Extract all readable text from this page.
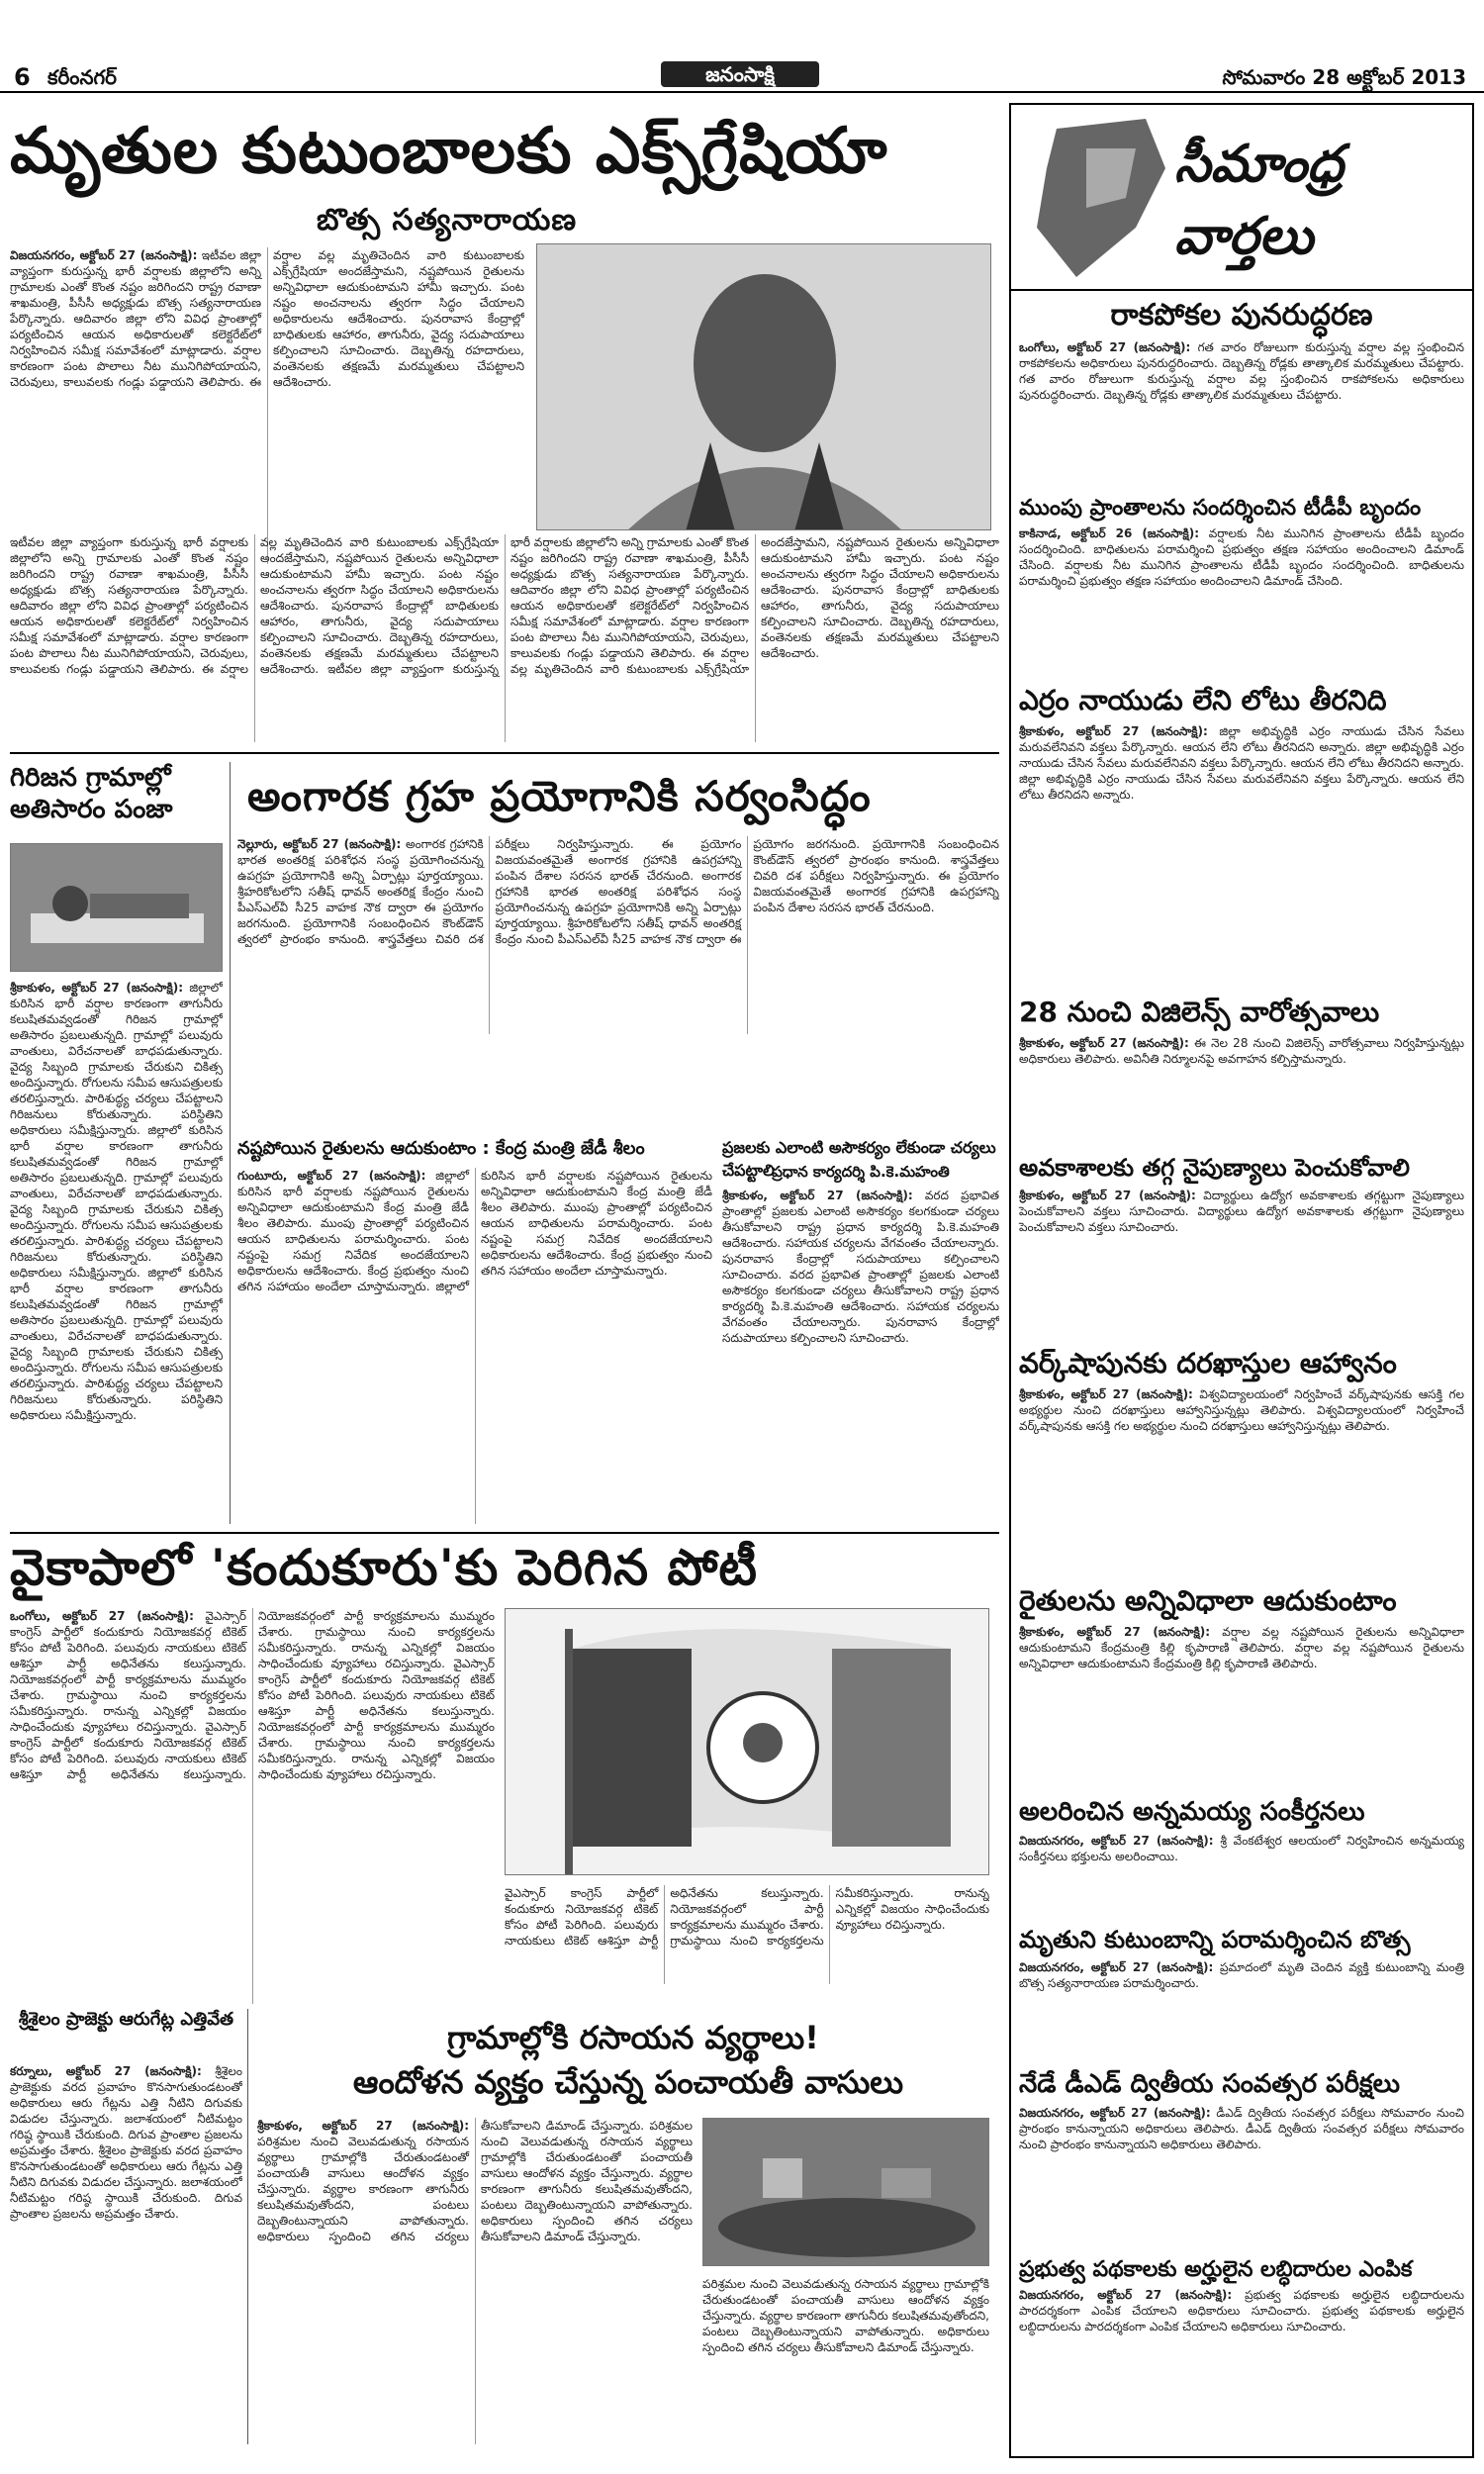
6 కరీంనగర్	జనంసాక్షి	సోమవారం 28 అక్టోబర్ 2013
మృతుల కుటుంబాలకు ఎక్స్‌గ్రేషియా
బొత్స సత్యనారాయణ
విజయనగరం, అక్టోబర్ 27 (జనంసాక్షి): ఇటీవల జిల్లా వ్యాప్తంగా కురుస్తున్న భారీ వర్షాలకు జిల్లాలోని అన్ని గ్రామాలకు ఎంతో కొంత నష్టం జరిగిందని రాష్ట్ర రవాణా శాఖమంత్రి, పీసీసీ అధ్యక్షుడు బొత్స సత్యనారాయణ పేర్కొన్నారు. ఆదివారం జిల్లా లోని వివిధ ప్రాంతాల్లో పర్యటించిన ఆయన అధికారులతో కలెక్టరేట్‌లో నిర్వహించిన సమీక్ష సమావేశంలో మాట్లాడారు. వర్షాల కారణంగా పంట పొలాలు నీట మునిగిపోయాయని, చెరువులు, కాలువలకు గండ్లు పడ్డాయని తెలిపారు. ఈ వర్షాల వల్ల మృతిచెందిన వారి కుటుంబాలకు ఎక్స్‌గ్రేషియా అందజేస్తామని, నష్టపోయిన రైతులను అన్నివిధాలా ఆదుకుంటామని హామీ ఇచ్చారు. పంట నష్టం అంచనాలను త్వరగా సిద్ధం చేయాలని అధికారులను ఆదేశించారు. పునరావాస కేంద్రాల్లో బాధితులకు ఆహారం, తాగునీరు, వైద్య సదుపాయాలు కల్పించాలని సూచించారు. దెబ్బతిన్న రహదారులు, వంతెనలకు తక్షణమే మరమ్మతులు చేపట్టాలని ఆదేశించారు.
ఇటీవల జిల్లా వ్యాప్తంగా కురుస్తున్న భారీ వర్షాలకు జిల్లాలోని అన్ని గ్రామాలకు ఎంతో కొంత నష్టం జరిగిందని రాష్ట్ర రవాణా శాఖమంత్రి, పీసీసీ అధ్యక్షుడు బొత్స సత్యనారాయణ పేర్కొన్నారు. ఆదివారం జిల్లా లోని వివిధ ప్రాంతాల్లో పర్యటించిన ఆయన అధికారులతో కలెక్టరేట్‌లో నిర్వహించిన సమీక్ష సమావేశంలో మాట్లాడారు. వర్షాల కారణంగా పంట పొలాలు నీట మునిగిపోయాయని, చెరువులు, కాలువలకు గండ్లు పడ్డాయని తెలిపారు. ఈ వర్షాల వల్ల మృతిచెందిన వారి కుటుంబాలకు ఎక్స్‌గ్రేషియా అందజేస్తామని, నష్టపోయిన రైతులను అన్నివిధాలా ఆదుకుంటామని హామీ ఇచ్చారు. పంట నష్టం అంచనాలను త్వరగా సిద్ధం చేయాలని అధికారులను ఆదేశించారు. పునరావాస కేంద్రాల్లో బాధితులకు ఆహారం, తాగునీరు, వైద్య సదుపాయాలు కల్పించాలని సూచించారు. దెబ్బతిన్న రహదారులు, వంతెనలకు తక్షణమే మరమ్మతులు చేపట్టాలని ఆదేశించారు. ఇటీవల జిల్లా వ్యాప్తంగా కురుస్తున్న భారీ వర్షాలకు జిల్లాలోని అన్ని గ్రామాలకు ఎంతో కొంత నష్టం జరిగిందని రాష్ట్ర రవాణా శాఖమంత్రి, పీసీసీ అధ్యక్షుడు బొత్స సత్యనారాయణ పేర్కొన్నారు. ఆదివారం జిల్లా లోని వివిధ ప్రాంతాల్లో పర్యటించిన ఆయన అధికారులతో కలెక్టరేట్‌లో నిర్వహించిన సమీక్ష సమావేశంలో మాట్లాడారు. వర్షాల కారణంగా పంట పొలాలు నీట మునిగిపోయాయని, చెరువులు, కాలువలకు గండ్లు పడ్డాయని తెలిపారు. ఈ వర్షాల వల్ల మృతిచెందిన వారి కుటుంబాలకు ఎక్స్‌గ్రేషియా అందజేస్తామని, నష్టపోయిన రైతులను అన్నివిధాలా ఆదుకుంటామని హామీ ఇచ్చారు. పంట నష్టం అంచనాలను త్వరగా సిద్ధం చేయాలని అధికారులను ఆదేశించారు. పునరావాస కేంద్రాల్లో బాధితులకు ఆహారం, తాగునీరు, వైద్య సదుపాయాలు కల్పించాలని సూచించారు. దెబ్బతిన్న రహదారులు, వంతెనలకు తక్షణమే మరమ్మతులు చేపట్టాలని ఆదేశించారు.
గిరిజన గ్రామాల్లో అతిసారం పంజా
శ్రీకాకుళం, అక్టోబర్ 27 (జనంసాక్షి): జిల్లాలో కురిసిన భారీ వర్షాల కారణంగా తాగునీరు కలుషితమవ్వడంతో గిరిజన గ్రామాల్లో అతిసారం ప్రబలుతున్నది. గ్రామాల్లో పలువురు వాంతులు, విరేచనాలతో బాధపడుతున్నారు. వైద్య సిబ్బంది గ్రామాలకు చేరుకుని చికిత్స అందిస్తున్నారు. రోగులను సమీప ఆసుపత్రులకు తరలిస్తున్నారు. పారిశుద్ధ్య చర్యలు చేపట్టాలని గిరిజనులు కోరుతున్నారు. పరిస్థితిని అధికారులు సమీక్షిస్తున్నారు. జిల్లాలో కురిసిన భారీ వర్షాల కారణంగా తాగునీరు కలుషితమవ్వడంతో గిరిజన గ్రామాల్లో అతిసారం ప్రబలుతున్నది. గ్రామాల్లో పలువురు వాంతులు, విరేచనాలతో బాధపడుతున్నారు. వైద్య సిబ్బంది గ్రామాలకు చేరుకుని చికిత్స అందిస్తున్నారు. రోగులను సమీప ఆసుపత్రులకు తరలిస్తున్నారు. పారిశుద్ధ్య చర్యలు చేపట్టాలని గిరిజనులు కోరుతున్నారు. పరిస్థితిని అధికారులు సమీక్షిస్తున్నారు. జిల్లాలో కురిసిన భారీ వర్షాల కారణంగా తాగునీరు కలుషితమవ్వడంతో గిరిజన గ్రామాల్లో అతిసారం ప్రబలుతున్నది. గ్రామాల్లో పలువురు వాంతులు, విరేచనాలతో బాధపడుతున్నారు. వైద్య సిబ్బంది గ్రామాలకు చేరుకుని చికిత్స అందిస్తున్నారు. రోగులను సమీప ఆసుపత్రులకు తరలిస్తున్నారు. పారిశుద్ధ్య చర్యలు చేపట్టాలని గిరిజనులు కోరుతున్నారు. పరిస్థితిని అధికారులు సమీక్షిస్తున్నారు.
అంగారక గ్రహ ప్రయోగానికి సర్వంసిద్ధం
నెల్లూరు, అక్టోబర్ 27 (జనంసాక్షి): అంగారక గ్రహానికి భారత అంతరిక్ష పరిశోధన సంస్థ ప్రయోగించనున్న ఉపగ్రహ ప్రయోగానికి అన్ని ఏర్పాట్లు పూర్తయ్యాయి. శ్రీహరికోటలోని సతీష్ ధావన్ అంతరిక్ష కేంద్రం నుంచి పీఎస్‌ఎల్‌వీ సీ25 వాహక నౌక ద్వారా ఈ ప్రయోగం జరగనుంది. ప్రయోగానికి సంబంధించిన కౌంట్‌డౌన్ త్వరలో ప్రారంభం కానుంది. శాస్త్రవేత్తలు చివరి దశ పరీక్షలు నిర్వహిస్తున్నారు. ఈ ప్రయోగం విజయవంతమైతే అంగారక గ్రహానికి ఉపగ్రహాన్ని పంపిన దేశాల సరసన భారత్ చేరనుంది. అంగారక గ్రహానికి భారత అంతరిక్ష పరిశోధన సంస్థ ప్రయోగించనున్న ఉపగ్రహ ప్రయోగానికి అన్ని ఏర్పాట్లు పూర్తయ్యాయి. శ్రీహరికోటలోని సతీష్ ధావన్ అంతరిక్ష కేంద్రం నుంచి పీఎస్‌ఎల్‌వీ సీ25 వాహక నౌక ద్వారా ఈ ప్రయోగం జరగనుంది. ప్రయోగానికి సంబంధించిన కౌంట్‌డౌన్ త్వరలో ప్రారంభం కానుంది. శాస్త్రవేత్తలు చివరి దశ పరీక్షలు నిర్వహిస్తున్నారు. ఈ ప్రయోగం విజయవంతమైతే అంగారక గ్రహానికి ఉపగ్రహాన్ని పంపిన దేశాల సరసన భారత్ చేరనుంది.
నష్టపోయిన రైతులను ఆదుకుంటాం : కేంద్ర మంత్రి జేడీ శీలం
గుంటూరు, అక్టోబర్ 27 (జనంసాక్షి): జిల్లాలో కురిసిన భారీ వర్షాలకు నష్టపోయిన రైతులను అన్నివిధాలా ఆదుకుంటామని కేంద్ర మంత్రి జేడీ శీలం తెలిపారు. ముంపు ప్రాంతాల్లో పర్యటించిన ఆయన బాధితులను పరామర్శించారు. పంట నష్టంపై సమగ్ర నివేదిక అందజేయాలని అధికారులను ఆదేశించారు. కేంద్ర ప్రభుత్వం నుంచి తగిన సహాయం అందేలా చూస్తామన్నారు. జిల్లాలో కురిసిన భారీ వర్షాలకు నష్టపోయిన రైతులను అన్నివిధాలా ఆదుకుంటామని కేంద్ర మంత్రి జేడీ శీలం తెలిపారు. ముంపు ప్రాంతాల్లో పర్యటించిన ఆయన బాధితులను పరామర్శించారు. పంట నష్టంపై సమగ్ర నివేదిక అందజేయాలని అధికారులను ఆదేశించారు. కేంద్ర ప్రభుత్వం నుంచి తగిన సహాయం అందేలా చూస్తామన్నారు.
ప్రజలకు ఎలాంటి అసౌకర్యం లేకుండా చర్యలు చేపట్టాలి
ప్రధాన కార్యదర్శి పి.కె.మహంతి
శ్రీకాకుళం, అక్టోబర్ 27 (జనంసాక్షి): వరద ప్రభావిత ప్రాంతాల్లో ప్రజలకు ఎలాంటి అసౌకర్యం కలగకుండా చర్యలు తీసుకోవాలని రాష్ట్ర ప్రధాన కార్యదర్శి పి.కె.మహంతి ఆదేశించారు. సహాయక చర్యలను వేగవంతం చేయాలన్నారు. పునరావాస కేంద్రాల్లో సదుపాయాలు కల్పించాలని సూచించారు. వరద ప్రభావిత ప్రాంతాల్లో ప్రజలకు ఎలాంటి అసౌకర్యం కలగకుండా చర్యలు తీసుకోవాలని రాష్ట్ర ప్రధాన కార్యదర్శి పి.కె.మహంతి ఆదేశించారు. సహాయక చర్యలను వేగవంతం చేయాలన్నారు. పునరావాస కేంద్రాల్లో సదుపాయాలు కల్పించాలని సూచించారు.
వైకాపాలో 'కందుకూరు'కు పెరిగిన పోటీ
ఒంగోలు, అక్టోబర్ 27 (జనంసాక్షి): వైఎస్సార్ కాంగ్రెస్ పార్టీలో కందుకూరు నియోజకవర్గ టికెట్ కోసం పోటీ పెరిగింది. పలువురు నాయకులు టికెట్ ఆశిస్తూ పార్టీ అధినేతను కలుస్తున్నారు. నియోజకవర్గంలో పార్టీ కార్యక్రమాలను ముమ్మరం చేశారు. గ్రామస్థాయి నుంచి కార్యకర్తలను సమీకరిస్తున్నారు. రానున్న ఎన్నికల్లో విజయం సాధించేందుకు వ్యూహాలు రచిస్తున్నారు. వైఎస్సార్ కాంగ్రెస్ పార్టీలో కందుకూరు నియోజకవర్గ టికెట్ కోసం పోటీ పెరిగింది. పలువురు నాయకులు టికెట్ ఆశిస్తూ పార్టీ అధినేతను కలుస్తున్నారు. నియోజకవర్గంలో పార్టీ కార్యక్రమాలను ముమ్మరం చేశారు. గ్రామస్థాయి నుంచి కార్యకర్తలను సమీకరిస్తున్నారు. రానున్న ఎన్నికల్లో విజయం సాధించేందుకు వ్యూహాలు రచిస్తున్నారు. వైఎస్సార్ కాంగ్రెస్ పార్టీలో కందుకూరు నియోజకవర్గ టికెట్ కోసం పోటీ పెరిగింది. పలువురు నాయకులు టికెట్ ఆశిస్తూ పార్టీ అధినేతను కలుస్తున్నారు. నియోజకవర్గంలో పార్టీ కార్యక్రమాలను ముమ్మరం చేశారు. గ్రామస్థాయి నుంచి కార్యకర్తలను సమీకరిస్తున్నారు. రానున్న ఎన్నికల్లో విజయం సాధించేందుకు వ్యూహాలు రచిస్తున్నారు.
వైఎస్సార్ కాంగ్రెస్ పార్టీలో కందుకూరు నియోజకవర్గ టికెట్ కోసం పోటీ పెరిగింది. పలువురు నాయకులు టికెట్ ఆశిస్తూ పార్టీ అధినేతను కలుస్తున్నారు. నియోజకవర్గంలో పార్టీ కార్యక్రమాలను ముమ్మరం చేశారు. గ్రామస్థాయి నుంచి కార్యకర్తలను సమీకరిస్తున్నారు. రానున్న ఎన్నికల్లో విజయం సాధించేందుకు వ్యూహాలు రచిస్తున్నారు.
శ్రీశైలం ప్రాజెక్టు ఆరుగేట్ల ఎత్తివేత
కర్నూలు, అక్టోబర్ 27 (జనంసాక్షి): శ్రీశైలం ప్రాజెక్టుకు వరద ప్రవాహం కొనసాగుతుండటంతో అధికారులు ఆరు గేట్లను ఎత్తి నీటిని దిగువకు విడుదల చేస్తున్నారు. జలాశయంలో నీటిమట్టం గరిష్ఠ స్థాయికి చేరుకుంది. దిగువ ప్రాంతాల ప్రజలను అప్రమత్తం చేశారు. శ్రీశైలం ప్రాజెక్టుకు వరద ప్రవాహం కొనసాగుతుండటంతో అధికారులు ఆరు గేట్లను ఎత్తి నీటిని దిగువకు విడుదల చేస్తున్నారు. జలాశయంలో నీటిమట్టం గరిష్ఠ స్థాయికి చేరుకుంది. దిగువ ప్రాంతాల ప్రజలను అప్రమత్తం చేశారు.
గ్రామాల్లోకి రసాయన వ్యర్థాలు!
ఆందోళన వ్యక్తం చేస్తున్న పంచాయతీ వాసులు
శ్రీకాకుళం, అక్టోబర్ 27 (జనంసాక్షి): పరిశ్రమల నుంచి వెలువడుతున్న రసాయన వ్యర్థాలు గ్రామాల్లోకి చేరుతుండటంతో పంచాయతీ వాసులు ఆందోళన వ్యక్తం చేస్తున్నారు. వ్యర్థాల కారణంగా తాగునీరు కలుషితమవుతోందని, పంటలు దెబ్బతింటున్నాయని వాపోతున్నారు. అధికారులు స్పందించి తగిన చర్యలు తీసుకోవాలని డిమాండ్ చేస్తున్నారు. పరిశ్రమల నుంచి వెలువడుతున్న రసాయన వ్యర్థాలు గ్రామాల్లోకి చేరుతుండటంతో పంచాయతీ వాసులు ఆందోళన వ్యక్తం చేస్తున్నారు. వ్యర్థాల కారణంగా తాగునీరు కలుషితమవుతోందని, పంటలు దెబ్బతింటున్నాయని వాపోతున్నారు. అధికారులు స్పందించి తగిన చర్యలు తీసుకోవాలని డిమాండ్ చేస్తున్నారు.
పరిశ్రమల నుంచి వెలువడుతున్న రసాయన వ్యర్థాలు గ్రామాల్లోకి చేరుతుండటంతో పంచాయతీ వాసులు ఆందోళన వ్యక్తం చేస్తున్నారు. వ్యర్థాల కారణంగా తాగునీరు కలుషితమవుతోందని, పంటలు దెబ్బతింటున్నాయని వాపోతున్నారు. అధికారులు స్పందించి తగిన చర్యలు తీసుకోవాలని డిమాండ్ చేస్తున్నారు.
సీమాంధ్ర వార్తలు
రాకపోకల పునరుద్ధరణ
ఒంగోలు, అక్టోబర్ 27 (జనంసాక్షి): గత వారం రోజులుగా కురుస్తున్న వర్షాల వల్ల స్తంభించిన రాకపోకలను అధికారులు పునరుద్ధరించారు. దెబ్బతిన్న రోడ్లకు తాత్కాలిక మరమ్మతులు చేపట్టారు. గత వారం రోజులుగా కురుస్తున్న వర్షాల వల్ల స్తంభించిన రాకపోకలను అధికారులు పునరుద్ధరించారు. దెబ్బతిన్న రోడ్లకు తాత్కాలిక మరమ్మతులు చేపట్టారు.
ముంపు ప్రాంతాలను సందర్శించిన టీడీపీ బృందం
కాకినాడ, అక్టోబర్ 26 (జనంసాక్షి): వర్షాలకు నీట మునిగిన ప్రాంతాలను టీడీపీ బృందం సందర్శించింది. బాధితులను పరామర్శించి ప్రభుత్వం తక్షణ సహాయం అందించాలని డిమాండ్ చేసింది. వర్షాలకు నీట మునిగిన ప్రాంతాలను టీడీపీ బృందం సందర్శించింది. బాధితులను పరామర్శించి ప్రభుత్వం తక్షణ సహాయం అందించాలని డిమాండ్ చేసింది.
ఎర్రం నాయుడు లేని లోటు తీరనిది
శ్రీకాకుళం, అక్టోబర్ 27 (జనంసాక్షి): జిల్లా అభివృద్ధికి ఎర్రం నాయుడు చేసిన సేవలు మరువలేనివని వక్తలు పేర్కొన్నారు. ఆయన లేని లోటు తీరనిదని అన్నారు. జిల్లా అభివృద్ధికి ఎర్రం నాయుడు చేసిన సేవలు మరువలేనివని వక్తలు పేర్కొన్నారు. ఆయన లేని లోటు తీరనిదని అన్నారు. జిల్లా అభివృద్ధికి ఎర్రం నాయుడు చేసిన సేవలు మరువలేనివని వక్తలు పేర్కొన్నారు. ఆయన లేని లోటు తీరనిదని అన్నారు.
28 నుంచి విజిలెన్స్ వారోత్సవాలు
శ్రీకాకుళం, అక్టోబర్ 27 (జనంసాక్షి): ఈ నెల 28 నుంచి విజిలెన్స్ వారోత్సవాలు నిర్వహిస్తున్నట్లు అధికారులు తెలిపారు. అవినీతి నిర్మూలనపై అవగాహన కల్పిస్తామన్నారు.
అవకాశాలకు తగ్గ నైపుణ్యాలు పెంచుకోవాలి
శ్రీకాకుళం, అక్టోబర్ 27 (జనంసాక్షి): విద్యార్థులు ఉద్యోగ అవకాశాలకు తగ్గట్టుగా నైపుణ్యాలు పెంచుకోవాలని వక్తలు సూచించారు. విద్యార్థులు ఉద్యోగ అవకాశాలకు తగ్గట్టుగా నైపుణ్యాలు పెంచుకోవాలని వక్తలు సూచించారు.
వర్క్‌షాపునకు దరఖాస్తుల ఆహ్వానం
శ్రీకాకుళం, అక్టోబర్ 27 (జనంసాక్షి): విశ్వవిద్యాలయంలో నిర్వహించే వర్క్‌షాపునకు ఆసక్తి గల అభ్యర్థుల నుంచి దరఖాస్తులు ఆహ్వానిస్తున్నట్లు తెలిపారు. విశ్వవిద్యాలయంలో నిర్వహించే వర్క్‌షాపునకు ఆసక్తి గల అభ్యర్థుల నుంచి దరఖాస్తులు ఆహ్వానిస్తున్నట్లు తెలిపారు.
రైతులను అన్నివిధాలా ఆదుకుంటాం
శ్రీకాకుళం, అక్టోబర్ 27 (జనంసాక్షి): వర్షాల వల్ల నష్టపోయిన రైతులను అన్నివిధాలా ఆదుకుంటామని కేంద్రమంత్రి కిల్లి కృపారాణి తెలిపారు. వర్షాల వల్ల నష్టపోయిన రైతులను అన్నివిధాలా ఆదుకుంటామని కేంద్రమంత్రి కిల్లి కృపారాణి తెలిపారు.
అలరించిన అన్నమయ్య సంకీర్తనలు
విజయనగరం, అక్టోబర్ 27 (జనంసాక్షి): శ్రీ వేంకటేశ్వర ఆలయంలో నిర్వహించిన అన్నమయ్య సంకీర్తనలు భక్తులను అలరించాయి.
మృతుని కుటుంబాన్ని పరామర్శించిన బొత్స
విజయనగరం, అక్టోబర్ 27 (జనంసాక్షి): ప్రమాదంలో మృతి చెందిన వ్యక్తి కుటుంబాన్ని మంత్రి బొత్స సత్యనారాయణ పరామర్శించారు.
నేడే డీఎడ్ ద్వితీయ సంవత్సర పరీక్షలు
విజయనగరం, అక్టోబర్ 27 (జనంసాక్షి): డీఎడ్ ద్వితీయ సంవత్సర పరీక్షలు సోమవారం నుంచి ప్రారంభం కానున్నాయని అధికారులు తెలిపారు. డీఎడ్ ద్వితీయ సంవత్సర పరీక్షలు సోమవారం నుంచి ప్రారంభం కానున్నాయని అధికారులు తెలిపారు.
ప్రభుత్వ పథకాలకు అర్హులైన లబ్ధిదారుల ఎంపిక
విజయనగరం, అక్టోబర్ 27 (జనంసాక్షి): ప్రభుత్వ పథకాలకు అర్హులైన లబ్ధిదారులను పారదర్శకంగా ఎంపిక చేయాలని అధికారులు సూచించారు. ప్రభుత్వ పథకాలకు అర్హులైన లబ్ధిదారులను పారదర్శకంగా ఎంపిక చేయాలని అధికారులు సూచించారు.
